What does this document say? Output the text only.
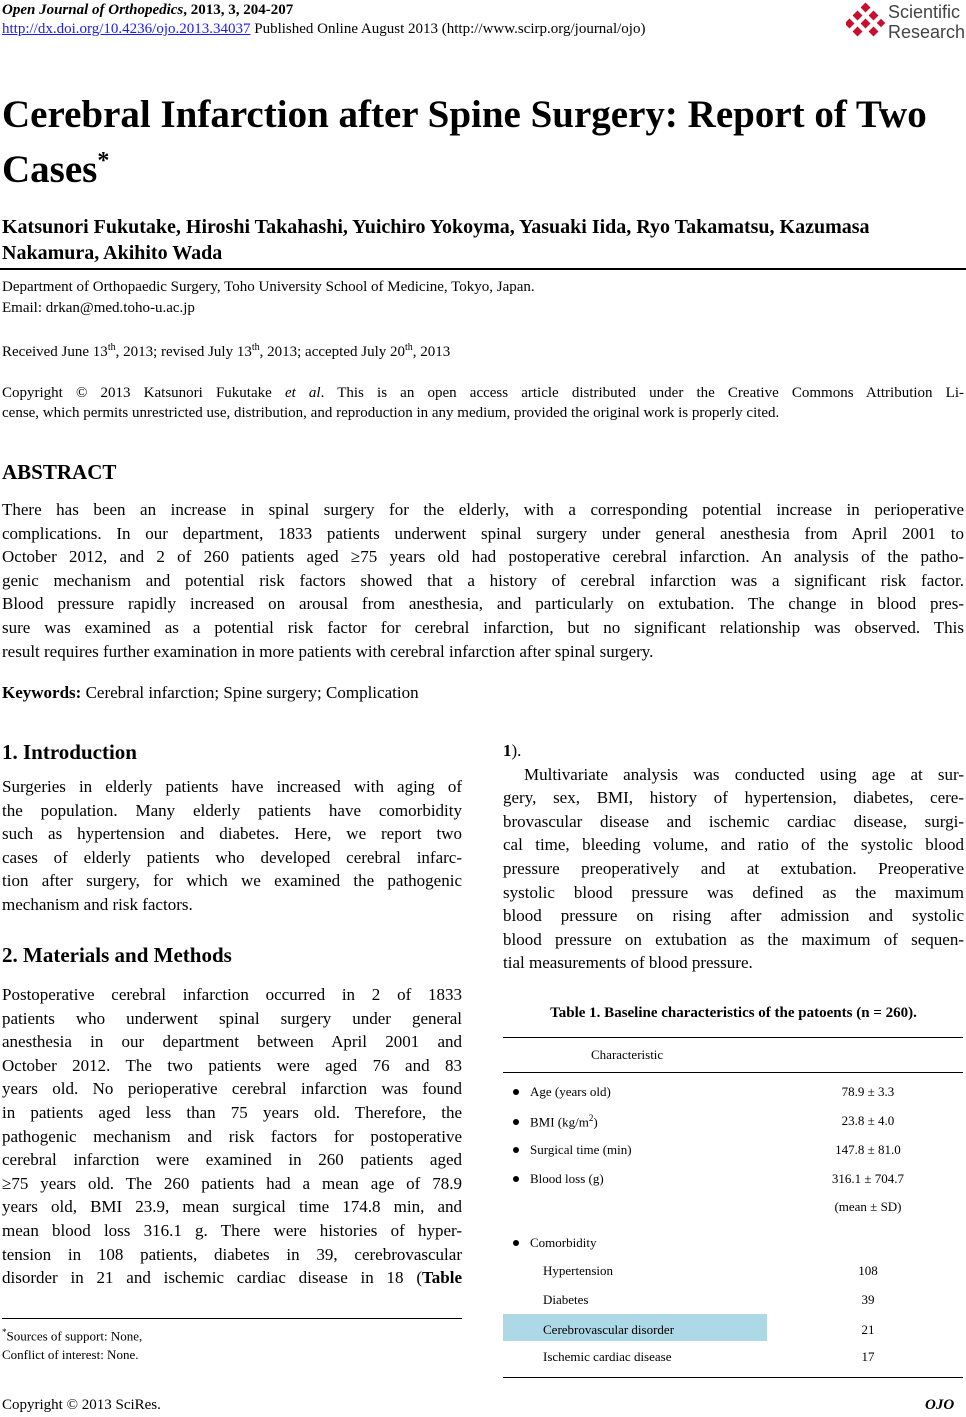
Open Journal of Orthopedics, 2013, 3, 204-207
http://dx.doi.org/10.4236/ojo.2013.34037 Published Online August 2013 (http://www.scirp.org/journal/ojo)
Scientific
Research
Cerebral Infarction after Spine Surgery: Report of Two Cases*
Katsunori Fukutake, Hiroshi Takahashi, Yuichiro Yokoyma, Yasuaki Iida, Ryo Takamatsu, Kazumasa Nakamura, Akihito Wada
Department of Orthopaedic Surgery, Toho University School of Medicine, Tokyo, Japan.
Email: drkan@med.toho-u.ac.jp
Received June 13th, 2013; revised July 13th, 2013; accepted July 20th, 2013
Copyright © 2013 Katsunori Fukutake et al. This is an open access article distributed under the Creative Commons Attribution Li-
cense, which permits unrestricted use, distribution, and reproduction in any medium, provided the original work is properly cited.
ABSTRACT
There has been an increase in spinal surgery for the elderly, with a corresponding potential increase in perioperative
complications. In our department, 1833 patients underwent spinal surgery under general anesthesia from April 2001 to
October 2012, and 2 of 260 patients aged ≥75 years old had postoperative cerebral infarction. An analysis of the patho-
genic mechanism and potential risk factors showed that a history of cerebral infarction was a significant risk factor.
Blood pressure rapidly increased on arousal from anesthesia, and particularly on extubation. The change in blood pres-
sure was examined as a potential risk factor for cerebral infarction, but no significant relationship was observed. This
result requires further examination in more patients with cerebral infarction after spinal surgery.
Keywords: Cerebral infarction; Spine surgery; Complication
1. Introduction
Surgeries in elderly patients have increased with aging of
the population. Many elderly patients have comorbidity
such as hypertension and diabetes. Here, we report two
cases of elderly patients who developed cerebral infarc-
tion after surgery, for which we examined the pathogenic
mechanism and risk factors.
2. Materials and Methods
Postoperative cerebral infarction occurred in 2 of 1833
patients who underwent spinal surgery under general
anesthesia in our department between April 2001 and
October 2012. The two patients were aged 76 and 83
years old. No perioperative cerebral infarction was found
in patients aged less than 75 years old. Therefore, the
pathogenic mechanism and risk factors for postoperative
cerebral infarction were examined in 260 patients aged
≥75 years old. The 260 patients had a mean age of 78.9
years old, BMI 23.9, mean surgical time 174.8 min, and
mean blood loss 316.1 g. There were histories of hyper-
tension in 108 patients, diabetes in 39, cerebrovascular
disorder in 21 and ischemic cardiac disease in 18 (Table
1).
Multivariate analysis was conducted using age at sur-
gery, sex, BMI, history of hypertension, diabetes, cere-
brovascular disease and ischemic cardiac disease, surgi-
cal time, bleeding volume, and ratio of the systolic blood
pressure preoperatively and at extubation. Preoperative
systolic blood pressure was defined as the maximum
blood pressure on rising after admission and systolic
blood pressure on extubation as the maximum of sequen-
tial measurements of blood pressure.
Table 1. Baseline characteristics of the patoents (n = 260).
Characteristic
Age (years old)	78.9 ± 3.3
BMI $(kg/m^2)$	23.8 ± 4.0
Surgical time (min)	147.8 ± 81.0
Blood loss (g)	316.1 ± 704.7
(mean ± SD)
Comorbidity
Hypertension	108
Diabetes	39
Cerebrovascular disorder	21
Ischemic cardiac disease	17
*Sources of support: None,
Conflict of interest: None.
Copyright © 2013 SciRes.	OJO
